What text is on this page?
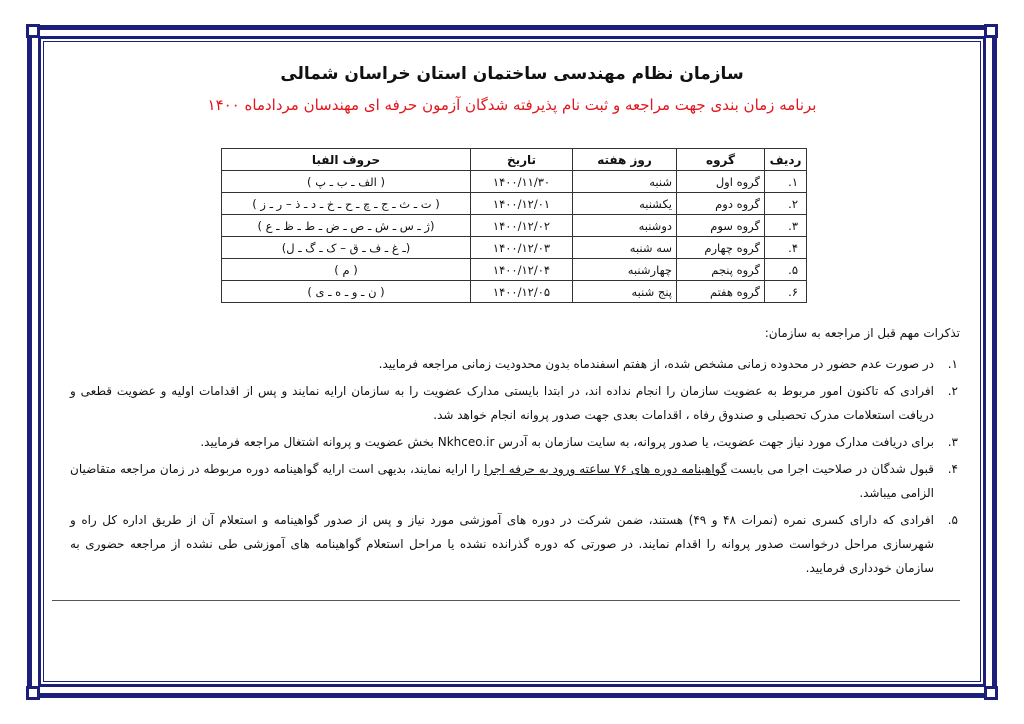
سازمان نظام مهندسی ساختمان استان خراسان شمالی
برنامه زمان بندی جهت مراجعه و ثبت نام پذیرفته شدگان آزمون حرفه ای مهندسان مردادماه ۱۴۰۰
ردیف	گروه	روز هفته	تاریخ	حروف الفبا
۱.	گروه اول	شنبه	۱۴۰۰/۱۱/۳۰	( الف ـ ب ـ پ )
۲.	گروه دوم	یکشنبه	۱۴۰۰/۱۲/۰۱	( ت ـ ث ـ ج ـ چ ـ ح ـ خ ـ د ـ ذ – ر ـ ز )
۳.	گروه سوم	دوشنبه	۱۴۰۰/۱۲/۰۲	(ژ ـ س ـ ش ـ ص ـ ض ـ ط ـ ظ ـ ع )
۴.	گروه چهارم	سه شنبه	۱۴۰۰/۱۲/۰۳	(ـ غ ـ ف ـ ق – ک ـ گ ـ ل)
۵.	گروه پنجم	چهارشنبه	۱۴۰۰/۱۲/۰۴	( م )
۶.	گروه هفتم	پنج شنبه	۱۴۰۰/۱۲/۰۵	( ن ـ و ـ ه ـ ی )
تذکرات مهم قبل از مراجعه به سازمان:
۱.
در صورت عدم حضور در محدوده زمانی مشخص شده، از هفتم اسفندماه بدون محدودیت زمانی مراجعه فرمایید.
۲.
افرادی که تاکنون امور مربوط به عضویت سازمان را انجام نداده اند، در ابتدا بایستی مدارک عضویت را به سازمان ارایه نمایند و پس از اقدامات اولیه و عضویت قطعی و دریافت استعلامات مدرک تحصیلی و صندوق رفاه ، اقدامات بعدی جهت صدور پروانه انجام خواهد شد.
۳.
برای دریافت مدارک مورد نیاز جهت عضویت، یا صدور پروانه، به سایت سازمان به آدرس Nkhceo.ir بخش عضویت و پروانه اشتغال مراجعه فرمایید.
۴.
قبول شدگان در صلاحیت اجرا می بایست گواهینامه دوره های ۷۶ ساعته ورود به حرفه اجرا را ارایه نمایند، بدیهی است ارایه گواهینامه دوره مربوطه در زمان مراجعه متقاضیان الزامی میباشد.
۵.
افرادی که دارای کسری نمره (نمرات ۴۸ و ۴۹) هستند، ضمن شرکت در دوره های آموزشی مورد نیاز و پس از صدور گواهینامه و استعلام آن از طریق اداره کل راه و شهرسازی مراحل درخواست صدور پروانه را اقدام نمایند. در صورتی که دوره گذرانده نشده یا مراحل استعلام گواهینامه های آموزشی طی نشده از مراجعه حضوری به سازمان خودداری فرمایید.
